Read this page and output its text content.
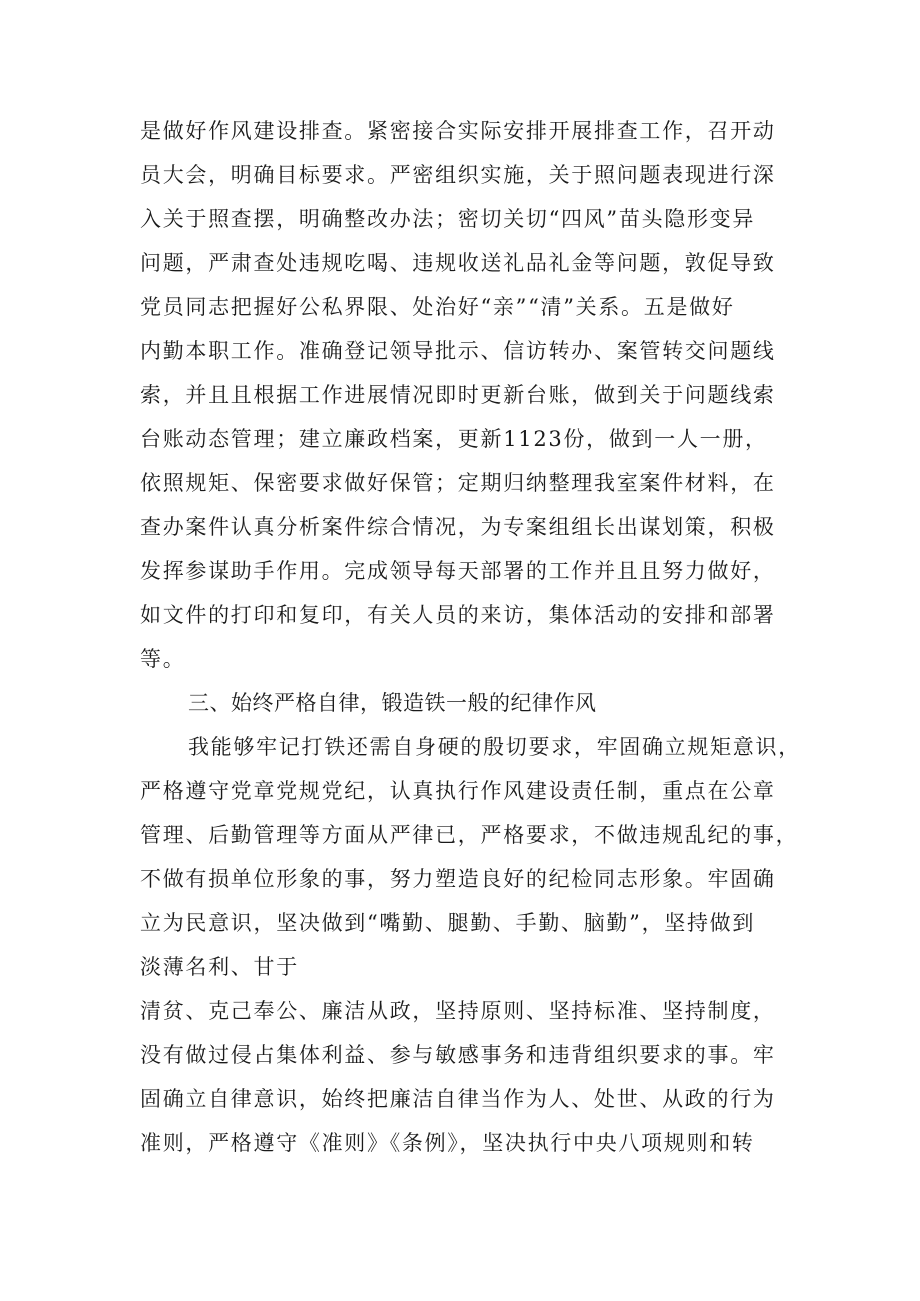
是做好作风建设排查。紧密接合实际安排开展排查工作，召开动
员大会，明确目标要求。严密组织实施，关于照问题表现进行深
入关于照查摆，明确整改办法；密切关切“四风”苗头隐形变异
问题，严肃查处违规吃喝、违规收送礼品礼金等问题，敦促导致
党员同志把握好公私界限、处治好“亲”“清”关系。五是做好
内勤本职工作。准确登记领导批示、信访转办、案管转交问题线
索，并且且根据工作进展情况即时更新台账，做到关于问题线索
台账动态管理；建立廉政档案，更新1123份，做到一人一册，
依照规矩、保密要求做好保管；定期归纳整理我室案件材料，在
查办案件认真分析案件综合情况，为专案组组长出谋划策，积极
发挥参谋助手作用。完成领导每天部署的工作并且且努力做好，
如文件的打印和复印，有关人员的来访，集体活动的安排和部署
等。
三、始终严格自律，锻造铁一般的纪律作风
我能够牢记打铁还需自身硬的殷切要求，牢固确立规矩意识，
严格遵守党章党规党纪，认真执行作风建设责任制，重点在公章
管理、后勤管理等方面从严律已，严格要求，不做违规乱纪的事，
不做有损单位形象的事，努力塑造良好的纪检同志形象。牢固确
立为民意识，坚决做到“嘴勤、腿勤、手勤、脑勤”，坚持做到
淡薄名利、甘于
清贫、克己奉公、廉洁从政，坚持原则、坚持标准、坚持制度，
没有做过侵占集体利益、参与敏感事务和违背组织要求的事。牢
固确立自律意识，始终把廉洁自律当作为人、处世、从政的行为
准则，严格遵守《准则》《条例》，坚决执行中央八项规则和转
